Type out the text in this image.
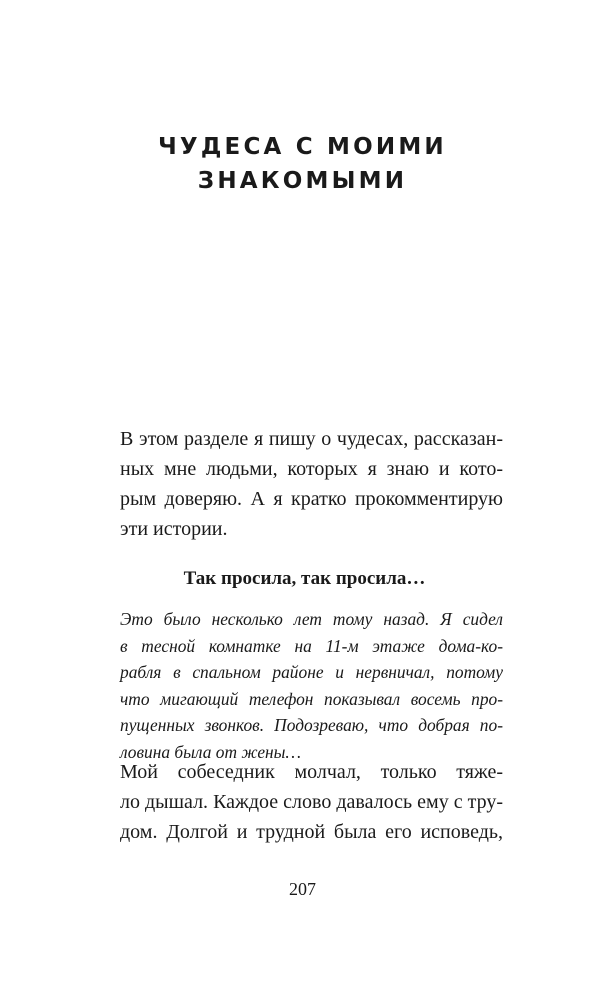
ЧУДЕСА С МОИМИ
ЗНАКОМЫМИ
В этом разделе я пишу о чудесах, рассказан-
ных мне людьми, которых я знаю и кото-
рым доверяю. А я кратко прокомментирую
эти истории.
Так просила, так просила…
Это было несколько лет тому назад. Я сидел
в тесной комнатке на 11-м этаже дома-ко-
рабля в спальном районе и нервничал, потому
что мигающий телефон показывал восемь про-
пущенных звонков. Подозреваю, что добрая по-
ловина была от жены…
Мой собеседник молчал, только тяже-
ло дышал. Каждое слово давалось ему с тру-
дом. Долгой и трудной была его исповедь,
207
